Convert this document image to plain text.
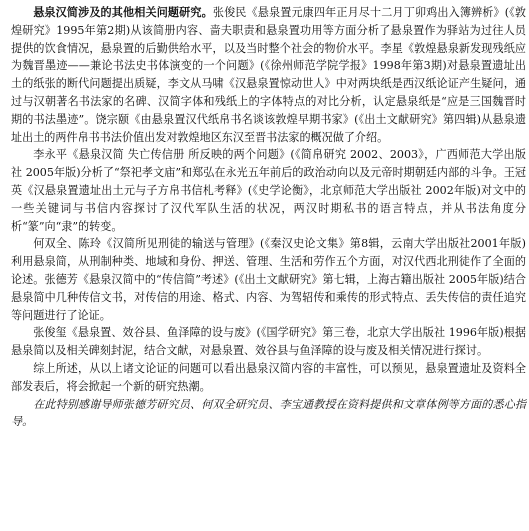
悬泉汉简涉及的其他相关问题研究。张俊民《悬泉置元康四年正月尽十二月丁卯鸡出入簿辨析》(《敦煌研究》1995年第2期)从该简册内容、啬夫职责和悬泉置功用等方面分析了悬泉置作为驿站为过往人员提供的饮食情况，悬泉置的后勤供给水平，以及当时整个社会的物价水平。李星《敦煌悬泉新发现残纸应为魏晋墨迹——兼论书法史书体演变的一个问题》(《徐州师范学院学报》1998年第3期)对悬泉置遗址出土的纸张的断代问题提出质疑，李文从马啸《汉悬泉置惊动世人》中对两块纸是西汉纸论证产生疑问，通过与汉朝著名书法家的名碑、汉简字体和残纸上的字体特点的对比分析，认定悬泉纸是“应是三国魏晋时期的书法墨迹”。饶宗颐《由悬泉置汉代纸帛书名谈该敦煌早期书家》(《出土文献研究》第四辑)从悬泉遗址出土的两件帛书书法价值出发对敦煌地区东汉至晋书法家的概况做了介绍。

李永平《悬泉汉简 失亡传信册 所反映的两个问题》(《简帛研究 2002、2003》，广西师范大学出版社 2005年版)分析了“祭祀孝文庙”和郑弘在永光五年前后的政治动向以及元帝时期朝廷内部的斗争。王冠英《汉悬泉置遗址出土元与子方帛书信札考释》(《史学论衡》，北京师范大学出版社 2002年版)对文中的一些关键词与书信内容探讨了汉代军队生活的状况，两汉时期私书的语言特点，并从书法角度分析“篆”向“隶”的转变。

何双全、陈玲《汉简所见刑徒的输送与管理》(《秦汉史论文集》第8辑，云南大学出版社2001年版)利用悬泉简，从刑制种类、地域和身份、押送、管理、生活和劳作五个方面，对汉代西北刑徒作了全面的论述。张德芳《悬泉汉简中的“传信简”考述》(《出土文献研究》第七辑，上海古籍出版社 2005年版)结合悬泉简中几种传信文书，对传信的用途、格式、内容、为驾轺传和乘传的形式特点、丢失传信的责任追究等问题进行了论证。

张俊玺《悬泉置、效谷县、鱼泽障的设与废》(《国学研究》第三卷，北京大学出版社 1996年版)根据悬泉简以及相关碑刻封泥，结合文献，对悬泉置、效谷县与鱼泽障的设与废及相关情况进行探讨。

综上所述，从以上诸文论证的问题可以看出悬泉汉简内容的丰富性，可以预见，悬泉置遗址及资料全部发表后，将会掀起一个新的研究热潮。

在此特别感谢导师张德芳研究员、何双全研究员、李宝通教授在资料提供和文章体例等方面的悉心指导。
